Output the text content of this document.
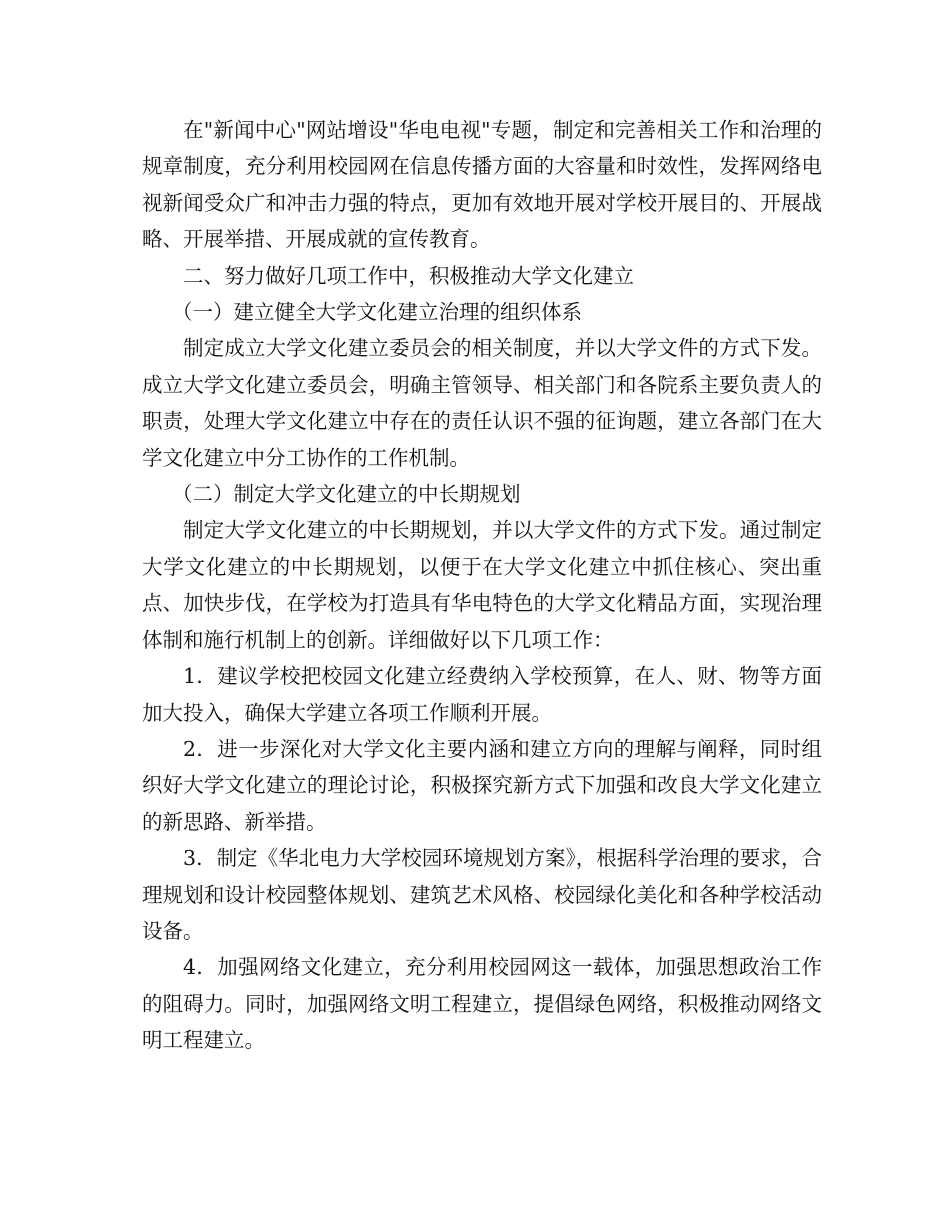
在"新闻中心"网站增设"华电电视"专题，制定和完善相关工作和治理的规章制度，充分利用校园网在信息传播方面的大容量和时效性，发挥网络电视新闻受众广和冲击力强的特点，更加有效地开展对学校开展目的、开展战略、开展举措、开展成就的宣传教育。

二、努力做好几项工作中，积极推动大学文化建立

（一）建立健全大学文化建立治理的组织体系

制定成立大学文化建立委员会的相关制度，并以大学文件的方式下发。成立大学文化建立委员会，明确主管领导、相关部门和各院系主要负责人的职责，处理大学文化建立中存在的责任认识不强的征询题，建立各部门在大学文化建立中分工协作的工作机制。

（二）制定大学文化建立的中长期规划

制定大学文化建立的中长期规划，并以大学文件的方式下发。通过制定大学文化建立的中长期规划，以便于在大学文化建立中抓住核心、突出重点、加快步伐，在学校为打造具有华电特色的大学文化精品方面，实现治理体制和施行机制上的创新。详细做好以下几项工作：

1．建议学校把校园文化建立经费纳入学校预算，在人、财、物等方面加大投入，确保大学建立各项工作顺利开展。

2．进一步深化对大学文化主要内涵和建立方向的理解与阐释，同时组织好大学文化建立的理论讨论，积极探究新方式下加强和改良大学文化建立的新思路、新举措。

3．制定《华北电力大学校园环境规划方案》，根据科学治理的要求，合理规划和设计校园整体规划、建筑艺术风格、校园绿化美化和各种学校活动设备。

4．加强网络文化建立，充分利用校园网这一载体，加强思想政治工作的阻碍力。同时，加强网络文明工程建立，提倡绿色网络，积极推动网络文明工程建立。
